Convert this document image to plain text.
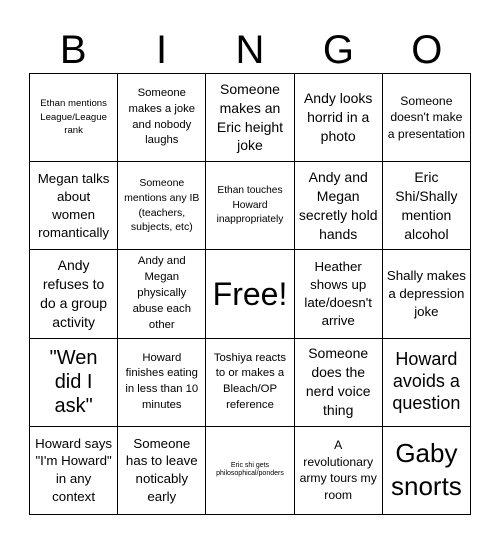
B	I	N	G	O
Ethan mentions League/League rank
Someone makes a joke and nobody laughs
Someone makes an Eric height joke
Andy looks horrid in a photo
Someone doesn't make a presentation
Megan talks about women romantically
Someone mentions any IB (teachers, subjects, etc)
Ethan touches Howard inappropriately
Andy and Megan secretly hold hands
Eric Shi/Shally mention alcohol
Andy refuses to do a group activity
Andy and Megan physically abuse each other
Free!
Heather shows up late/doesn't arrive
Shally makes a depression joke
"Wen did I ask"
Howard finishes eating in less than 10 minutes
Toshiya reacts to or makes a Bleach/OP reference
Someone does the nerd voice thing
Howard avoids a question
Howard says "I'm Howard" in any context
Someone has to leave noticably early
Eric shi gets philosophical/ponders
A revolutionary army tours my room
Gaby snorts
